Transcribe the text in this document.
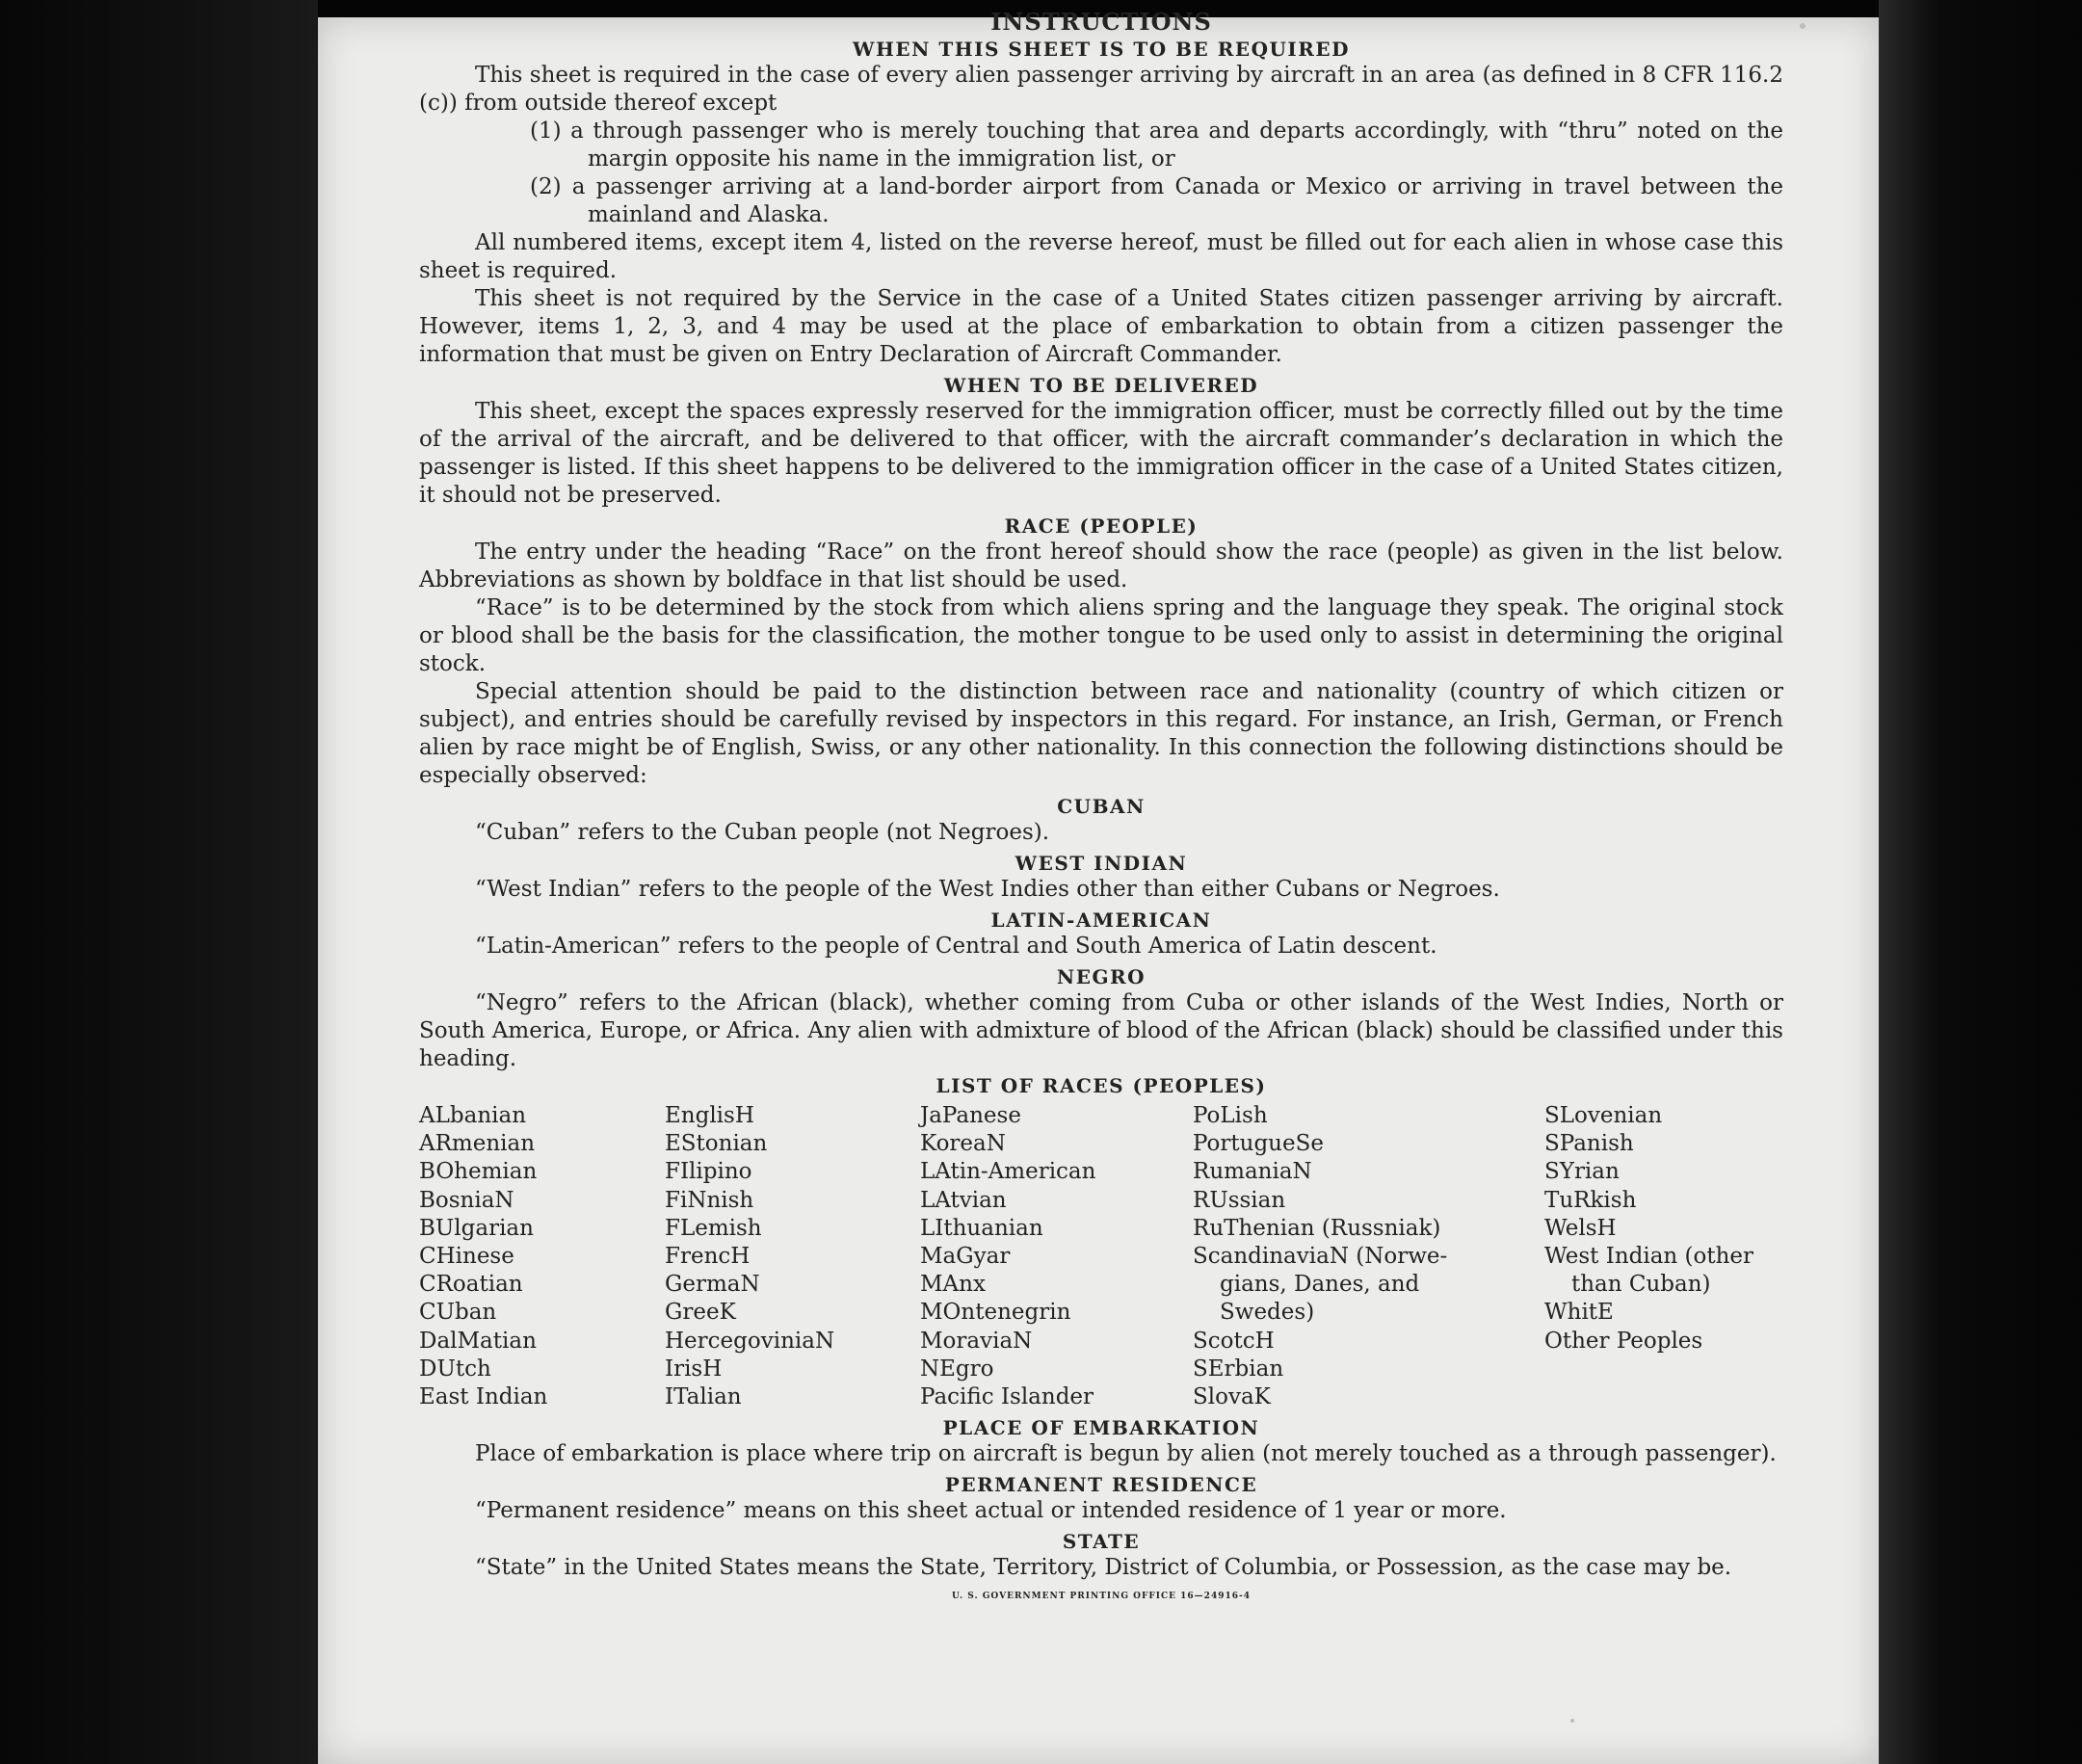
INSTRUCTIONS
WHEN THIS SHEET IS TO BE REQUIRED

This sheet is required in the case of every alien passenger arriving by aircraft in an area (as defined in 8 CFR 116.2 (c)) from outside thereof except

(1) a through passenger who is merely touching that area and departs accordingly, with “thru” noted on the margin opposite his name in the immigration list, or

(2) a passenger arriving at a land-border airport from Canada or Mexico or arriving in travel between the mainland and Alaska.

All numbered items, except item 4, listed on the reverse hereof, must be filled out for each alien in whose case this sheet is required.

This sheet is not required by the Service in the case of a United States citizen passenger arriving by aircraft. However, items 1, 2, 3, and 4 may be used at the place of embarkation to obtain from a citizen passenger the information that must be given on Entry Declaration of Aircraft Commander.

WHEN TO BE DELIVERED

This sheet, except the spaces expressly reserved for the immigration officer, must be correctly filled out by the time of the arrival of the aircraft, and be delivered to that officer, with the aircraft commander’s declaration in which the passenger is listed. If this sheet happens to be delivered to the immigration officer in the case of a United States citizen, it should not be preserved.

RACE (PEOPLE)

The entry under the heading “Race” on the front hereof should show the race (people) as given in the list below. Abbreviations as shown by boldface in that list should be used.

“Race” is to be determined by the stock from which aliens spring and the language they speak. The original stock or blood shall be the basis for the classification, the mother tongue to be used only to assist in determining the original stock.

Special attention should be paid to the distinction between race and nationality (country of which citizen or subject), and entries should be carefully revised by inspectors in this regard. For instance, an Irish, German, or French alien by race might be of English, Swiss, or any other nationality. In this connection the following distinctions should be especially observed:

CUBAN

“Cuban” refers to the Cuban people (not Negroes).

WEST INDIAN

“West Indian” refers to the people of the West Indies other than either Cubans or Negroes.

LATIN-AMERICAN

“Latin-American” refers to the people of Central and South America of Latin descent.

NEGRO

“Negro” refers to the African (black), whether coming from Cuba or other islands of the West Indies, North or South America, Europe, or Africa. Any alien with admixture of blood of the African (black) should be classified under this heading.

LIST OF RACES (PEOPLES)
ALbanian
ARmenian
BOhemian
BosniaN
BUlgarian
CHinese
CRoatian
CUban
DalMatian
DUtch
East Indian
EnglisH
EStonian
FIlipino
FiNnish
FLemish
FrencH
GermaN
GreeK
HercegoviniaN
IrisH
ITalian
JaPanese
KoreaN
LAtin-American
LAtvian
LIthuanian
MaGyar
MAnx
MOntenegrin
MoraviaN
NEgro
Pacific Islander
PoLish
PortugueSe
RumaniaN
RUssian
RuThenian (Russniak)
ScandinaviaN (Norwe-
gians, Danes, and
Swedes)
ScotcH
SErbian
SlovaK
SLovenian
SPanish
SYrian
TuRkish
WelsH
West Indian (other
than Cuban)
WhitE
Other Peoples
PLACE OF EMBARKATION

Place of embarkation is place where trip on aircraft is begun by alien (not merely touched as a through passenger).

PERMANENT RESIDENCE

“Permanent residence” means on this sheet actual or intended residence of 1 year or more.

STATE

“State” in the United States means the State, Territory, District of Columbia, or Possession, as the case may be.

U. S. GOVERNMENT PRINTING OFFICE 16—24916-4
